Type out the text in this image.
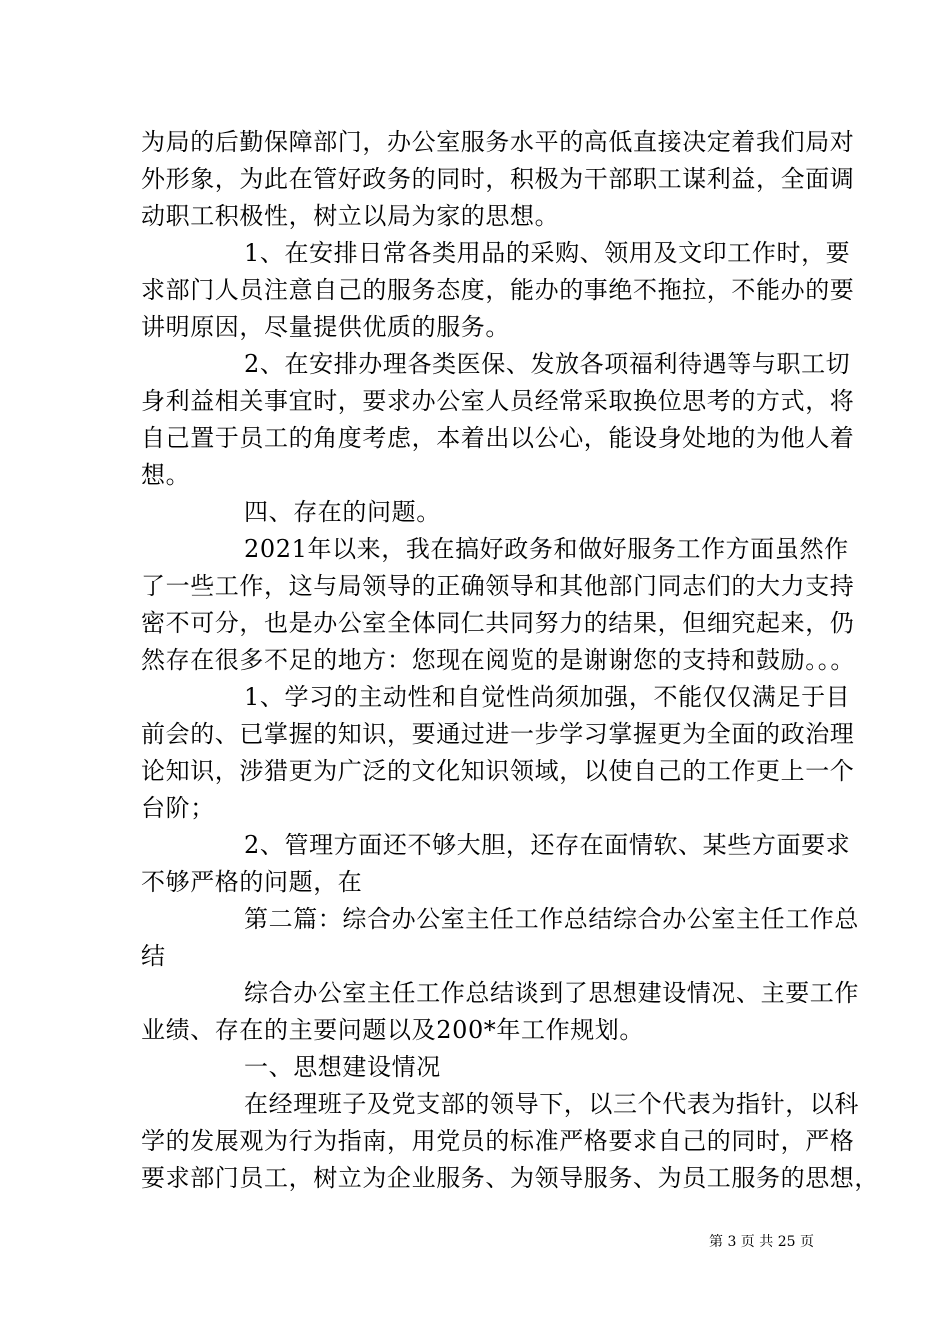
为局的后勤保障部门，办公室服务水平的高低直接决定着我们局对
外形象，为此在管好政务的同时，积极为干部职工谋利益，全面调
动职工积极性，树立以局为家的思想。
1、在安排日常各类用品的采购、领用及文印工作时，要
求部门人员注意自己的服务态度，能办的事绝不拖拉，不能办的要
讲明原因，尽量提供优质的服务。
2、在安排办理各类医保、发放各项福利待遇等与职工切
身利益相关事宜时，要求办公室人员经常采取换位思考的方式，将
自己置于员工的角度考虑，本着出以公心，能设身处地的为他人着
想。
四、存在的问题。
2021年以来，我在搞好政务和做好服务工作方面虽然作
了一些工作，这与局领导的正确领导和其他部门同志们的大力支持
密不可分，也是办公室全体同仁共同努力的结果，但细究起来，仍
然存在很多不足的地方：您现在阅览的是谢谢您的支持和鼓励。。。
1、学习的主动性和自觉性尚须加强，不能仅仅满足于目
前会的、已掌握的知识，要通过进一步学习掌握更为全面的政治理
论知识，涉猎更为广泛的文化知识领域，以使自己的工作更上一个
台阶；
2、管理方面还不够大胆，还存在面情软、某些方面要求
不够严格的问题，在
第二篇：综合办公室主任工作总结综合办公室主任工作总
结
综合办公室主任工作总结谈到了思想建设情况、主要工作
业绩、存在的主要问题以及200*年工作规划。
一、思想建设情况
在经理班子及党支部的领导下，以三个代表为指针，以科
学的发展观为行为指南，用党员的标准严格要求自己的同时，严格
要求部门员工，树立为企业服务、为领导服务、为员工服务的思想，
第 3 页 共 25 页
